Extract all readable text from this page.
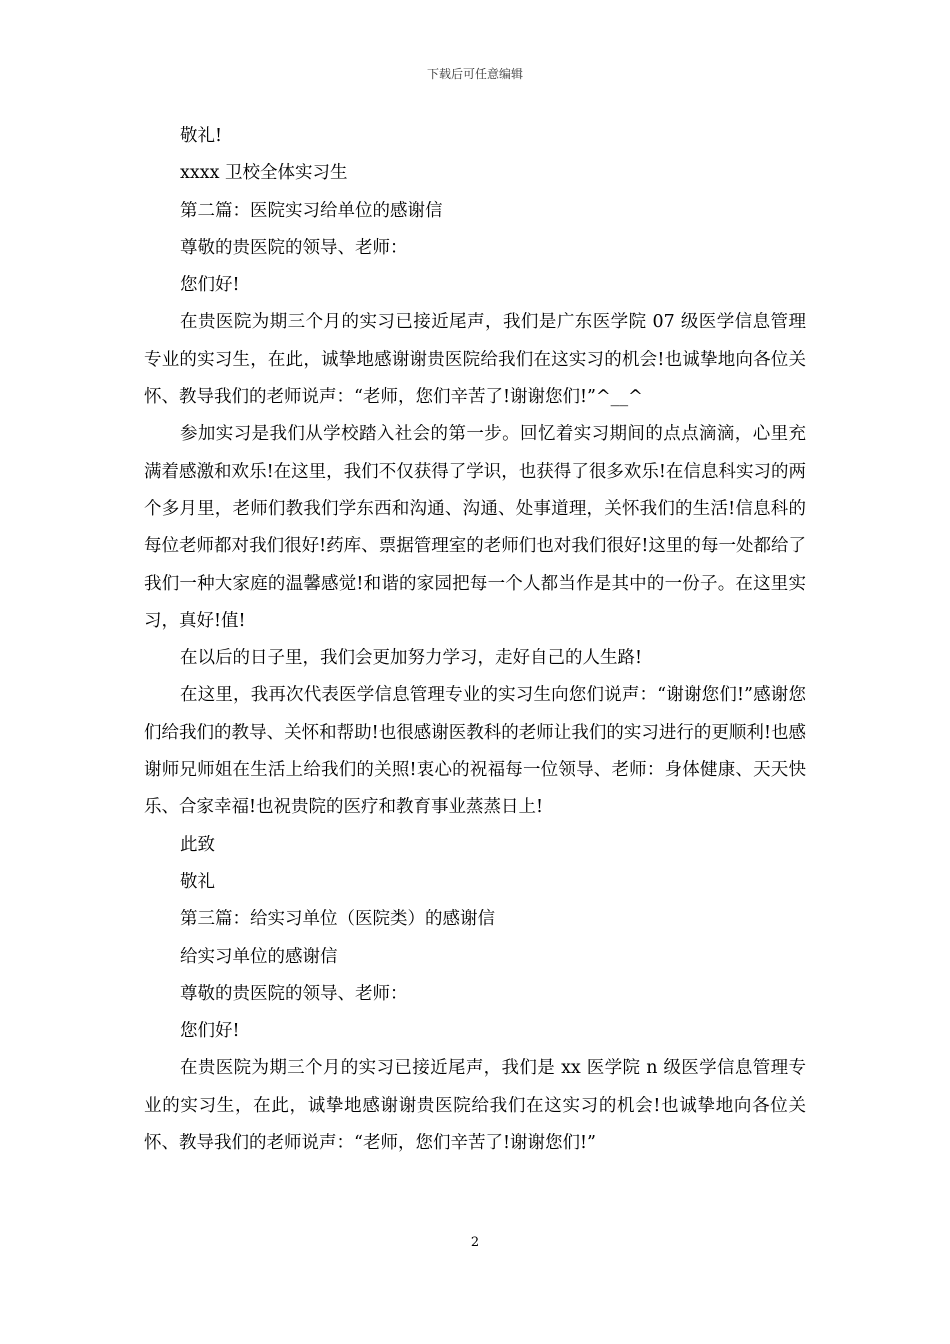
下载后可任意编辑

敬礼!

xxxx 卫校全体实习生

第二篇：医院实习给单位的感谢信

尊敬的贵医院的领导、老师：

您们好!

在贵医院为期三个月的实习已接近尾声，我们是广东医学院 07 级医学信息管理专业的实习生，在此，诚挚地感谢谢贵医院给我们在这实习的机会!也诚挚地向各位关怀、教导我们的老师说声：“老师，您们辛苦了!谢谢您们!”^__^

参加实习是我们从学校踏入社会的第一步。回忆着实习期间的点点滴滴，心里充满着感激和欢乐!在这里，我们不仅获得了学识，也获得了很多欢乐!在信息科实习的两个多月里，老师们教我们学东西和沟通、沟通、处事道理，关怀我们的生活!信息科的每位老师都对我们很好!药库、票据管理室的老师们也对我们很好!这里的每一处都给了我们一种大家庭的温馨感觉!和谐的家园把每一个人都当作是其中的一份子。在这里实习，真好!值!

在以后的日子里，我们会更加努力学习，走好自己的人生路!

在这里，我再次代表医学信息管理专业的实习生向您们说声：“谢谢您们!”感谢您们给我们的教导、关怀和帮助!也很感谢医教科的老师让我们的实习进行的更顺利!也感谢师兄师姐在生活上给我们的关照!衷心的祝福每一位领导、老师：身体健康、天天快乐、合家幸福!也祝贵院的医疗和教育事业蒸蒸日上!

此致

敬礼

第三篇：给实习单位（医院类）的感谢信

给实习单位的感谢信

尊敬的贵医院的领导、老师：

您们好!

在贵医院为期三个月的实习已接近尾声，我们是 xx 医学院 n 级医学信息管理专业的实习生，在此，诚挚地感谢谢贵医院给我们在这实习的机会!也诚挚地向各位关怀、教导我们的老师说声：“老师，您们辛苦了!谢谢您们!”

2
